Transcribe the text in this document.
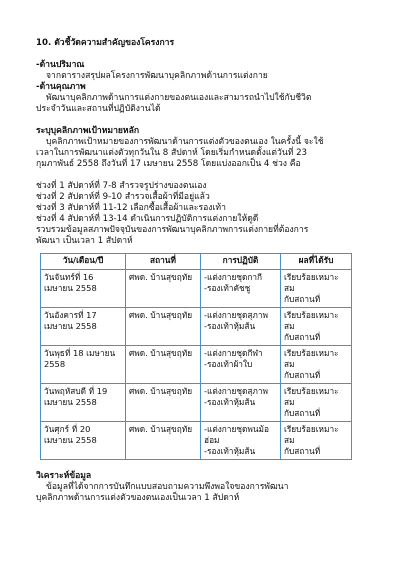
10. ตัวชี้วัดความสำคัญของโครงการ

-ด้านปริมาณ

จากตารางสรุปผลโครงการพัฒนาบุคลิกภาพด้านการแต่งกาย

-ด้านคุณภาพ

พัฒนาบุคลิกภาพด้านการแต่งกายของตนเองและสามารถนำไปใช้กับชีวิต

ประจำวันและสถานที่ปฏิบัติงานได้

ระบุบุคลิกภาพเป้าหมายหลัก

บุคลิกภาพเป้าหมายของการพัฒนาด้านการแต่งตัวของตนเอง ในครั้งนี้ จะใช้

เวลาในการพัฒนาแต่งตัวทุกวันใน 8 สัปดาห์ โดยเริ่มกำหนดตั้งแต่วันที่ 23

กุมภาพันธ์ 2558 ถึงวันที่ 17 เมษายน 2558 โดยแบ่งออกเป็น 4 ช่วง คือ

ช่วงที่ 1 สัปดาห์ที่ 7-8 สำรวจรูปร่างของตนเอง

ช่วงที่ 2 สัปดาห์ที่ 9-10 สำรวจเสื้อผ้าที่มีอยู่แล้ว

ช่วงที่ 3 สัปดาห์ที่ 11-12 เลือกซื้อเสื้อผ้าและรองเท้า

ช่วงที่ 4 สัปดาห์ที่ 13-14 ดำเนินการปฏิบัติการแต่งกายให้ดูดี

รวบรวมข้อมูลสภาพปัจจุบันของการพัฒนาบุคลิกภาพการแต่งกายที่ต้องการ

พัฒนา เป็นเวลา 1 สัปดาห์

วัน/เดือน/ปี	สถานที่	การปฏิบัติ	ผลที่ได้รับ

วันจันทร์ที่ 16
เมษายน 2558	ศพด. บ้านสุขฤทัย	-แต่งกายชุดกากี
-รองเท้าคัชชู	เรียบร้อยเหมาะสม
กับสถานที่

วันอังคารที่ 17
เมษายน 2558	ศพด. บ้านสุขฤทัย	-แต่งกายชุดสุภาพ
-รองเท้าหุ้มส้น	เรียบร้อยเหมาะสม
กับสถานที่

วันพุธที่ 18 เมษายน
2558	ศพด. บ้านสุขฤทัย	-แต่งกายชุดกีฬา
-รองเท้าผ้าใบ	เรียบร้อยเหมาะสม
กับสถานที่

วันพฤหัสบดี ที่ 19
เมษายน 2558	ศพด. บ้านสุขฤทัย	-แต่งกายชุดสุภาพ
-รองเท้าหุ้มส้น	เรียบร้อยเหมาะสม
กับสถานที่

วันศุกร์ ที่ 20
เมษายน 2558	ศพด. บ้านสุขฤทัย	-แต่งกายชุดพนม้อฮ่อม
-รองเท้าหุ้มส้น	เรียบร้อยเหมาะสม
กับสถานที่

วิเคราะห์ข้อมูล

ข้อมูลที่ได้จากการบันทึกแบบสอบถามความพึงพอใจของการพัฒนา

บุคลิกภาพด้านการแต่งตัวของตนเองเป็นเวลา 1 สัปดาห์
